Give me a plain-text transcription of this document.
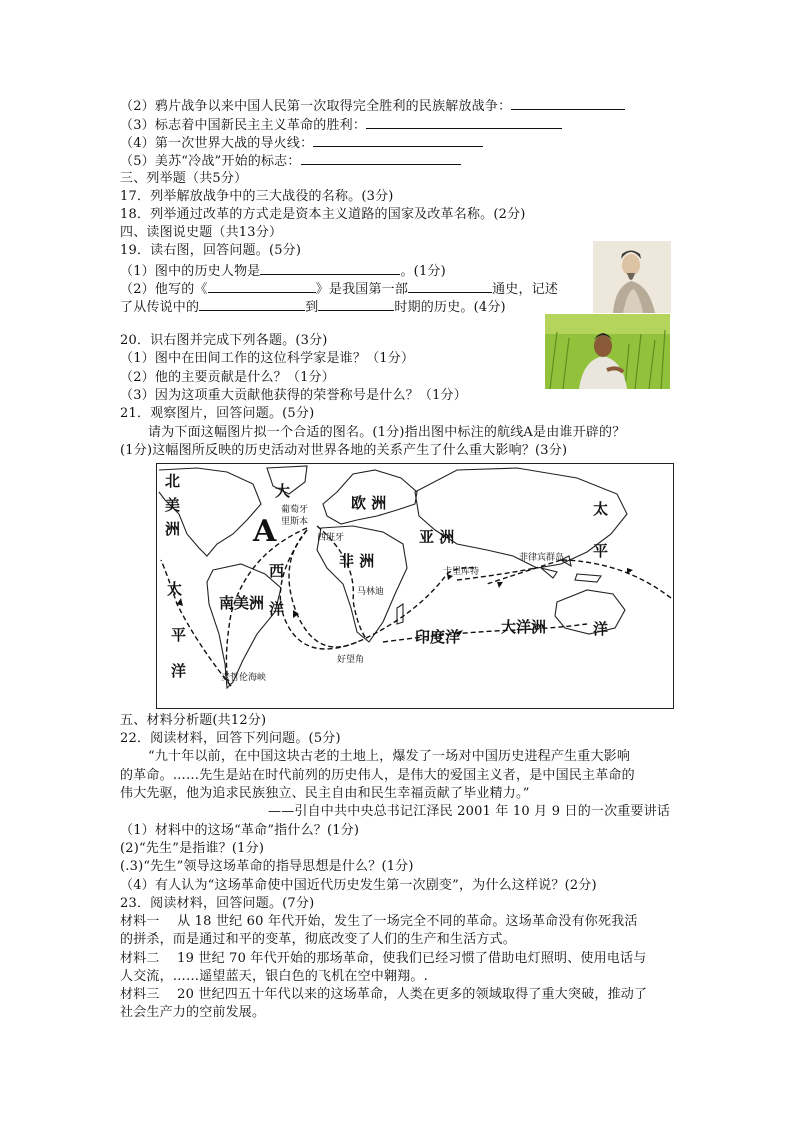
（2）鸦片战争以来中国人民第一次取得完全胜利的民族解放战争：
（3）标志着中国新民主主义革命的胜利：
（4）第一次世界大战的导火线：
（5）美苏“冷战”开始的标志：
三、列举题（共5分）
17．列举解放战争中的三大战役的名称。(3分)
18．列举通过改革的方式走是资本主义道路的国家及改革名称。(2分)
四、读图说史题（共13分）
19．读右图，回答问题。(5分)
（1）图中的历史人物是	。(1分)
（2）他写的《	》是我国第一部	通史，记述
了从传说中的	到	时期的历史。(4分)
20．识右图并完成下列各题。(3分)
（1）图中在田间工作的这位科学家是谁？（1分）
（2）他的主要贡献是什么？（1分）
（3）因为这项重大贡献他获得的荣誉称号是什么？（1分）
21．观察图片，回答问题。(5分)
请为下面这幅图片拟一个合适的图名。(1分)指出图中标注的航线A是由谁开辟的？
(1分)这幅图所反映的历史活动对世界各地的关系产生了什么重大影响？(3分)
北
美
洲
大
西
洋
欧 洲
亚 洲
非 洲
南美洲
印度洋
大洋洲
太
平
洋
太
平
洋
A
葡萄牙
里斯本
西班牙
菲律宾群岛
卡里库特
马林迪
好望角
麦哲伦海峡
五、材料分析题(共12分)
22．阅读材料，回答下列问题。(5分)
“九十年以前，在中国这块古老的土地上，爆发了一场对中国历史进程产生重大影响
的革命。……先生是站在时代前列的历史伟人，是伟大的爱国主义者，是中国民主革命的
伟大先驱，他为追求民族独立、民主自由和民生幸福贡献了毕业精力。”
——引自中共中央总书记江泽民 2001 年 10 月 9 日的一次重要讲话
（1）材料中的这场“革命”指什么？(1分)
(2)“先生”是指谁？(1分)
(.3)“先生”领导这场革命的指导思想是什么？(1分)
（4）有人认为“这场革命使中国近代历史发生第一次剧变”，为什么这样说？(2分)
23．阅读材料，回答问题。(7分)
材料一　 从 18 世纪 60 年代开始，发生了一场完全不同的革命。这场革命没有你死我活
的拼杀，而是通过和平的变革，彻底改变了人们的生产和生活方式。
材料二　 19 世纪 70 年代开始的那场革命，使我们已经习惯了借助电灯照明、使用电话与
人交流，……遥望蓝天，银白色的飞机在空中翱翔。.
材料三　 20 世纪四五十年代以来的这场革命，人类在更多的领域取得了重大突破，推动了
社会生产力的空前发展。
